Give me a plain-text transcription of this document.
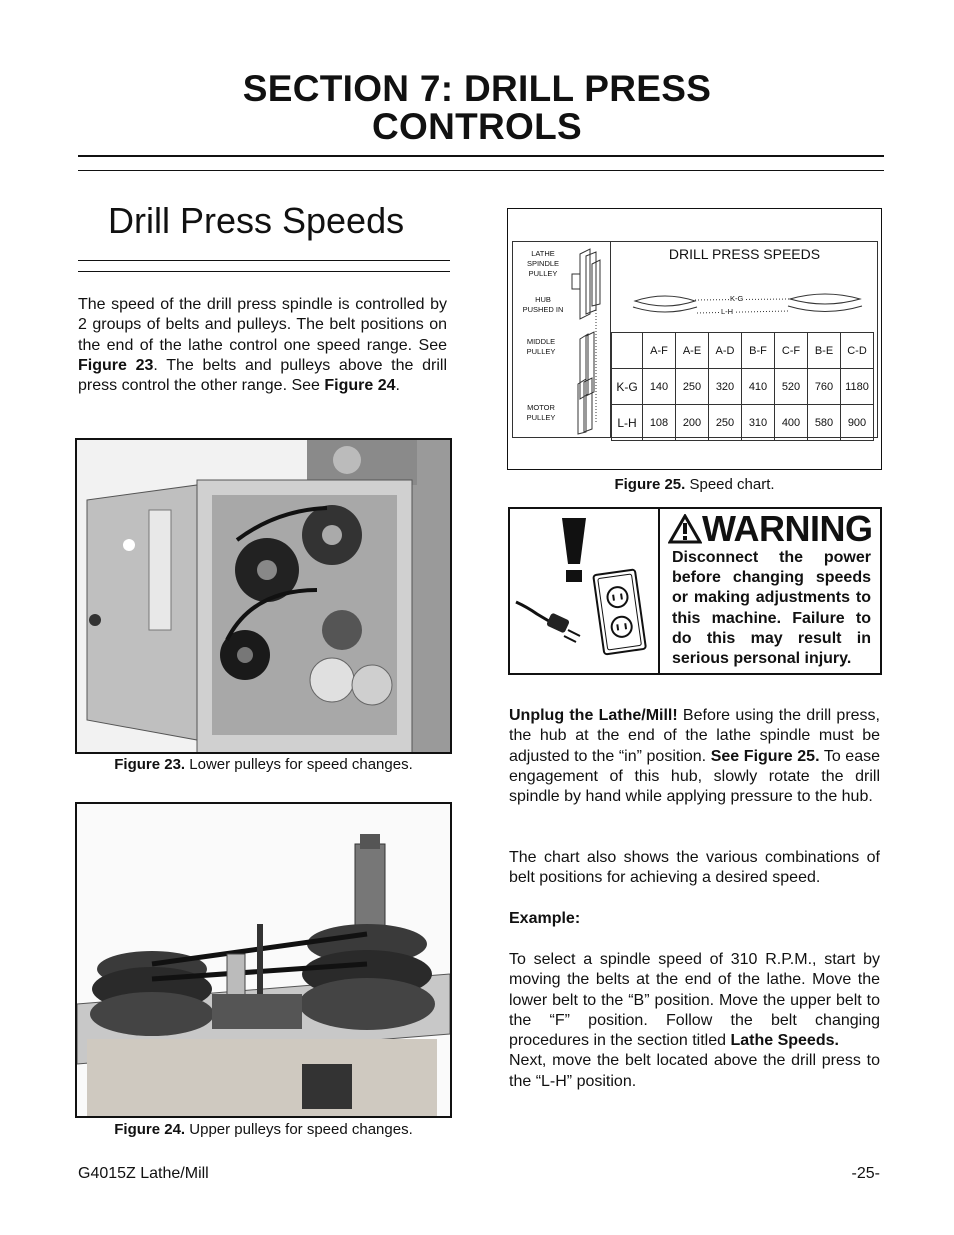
SECTION 7: DRILL PRESS
CONTROLS
Drill Press Speeds
The speed of the drill press spindle is controlled by 2 groups of belts and pulleys. The belt positions on the end of the lathe control one speed range. See Figure 23. The belts and pulleys above the drill press control the other range. See Figure 24.
Figure 23. Lower pulleys for speed changes.
Figure 24. Upper pulleys for speed changes.
LATHE
SPINDLE
PULLEY
HUB
PUSHED IN
MIDDLE
PULLEY
MOTOR
PULLEY
DRILL PRESS SPEEDS
K-G
L-H
	A-F	A-E	A-D	B-F	C-F	B-E	C-D
K-G	140	250	320	410	520	760	1180
L-H	108	200	250	310	400	580	900
Figure 25. Speed chart.
WARNING
Disconnect the power before changing speeds or making adjustments to this machine. Failure to do this may result in serious personal injury.
Unplug the Lathe/Mill! Before using the drill press, the hub at the end of the lathe spindle must be adjusted to the “in” position. See Figure 25. To ease engagement of this hub, slowly rotate the drill spindle by hand while applying pressure to the hub.
The chart also shows the various combinations of belt positions for achieving a desired speed.
Example:
To select a spindle speed of 310 R.P.M., start by moving the belts at the end of the lathe. Move the lower belt to the “B” position. Move the upper belt to the “F” position. Follow the belt changing procedures in the section titled Lathe Speeds.
Next, move the belt located above the drill press to the “L-H” position.
G4015Z Lathe/Mill	-25-
